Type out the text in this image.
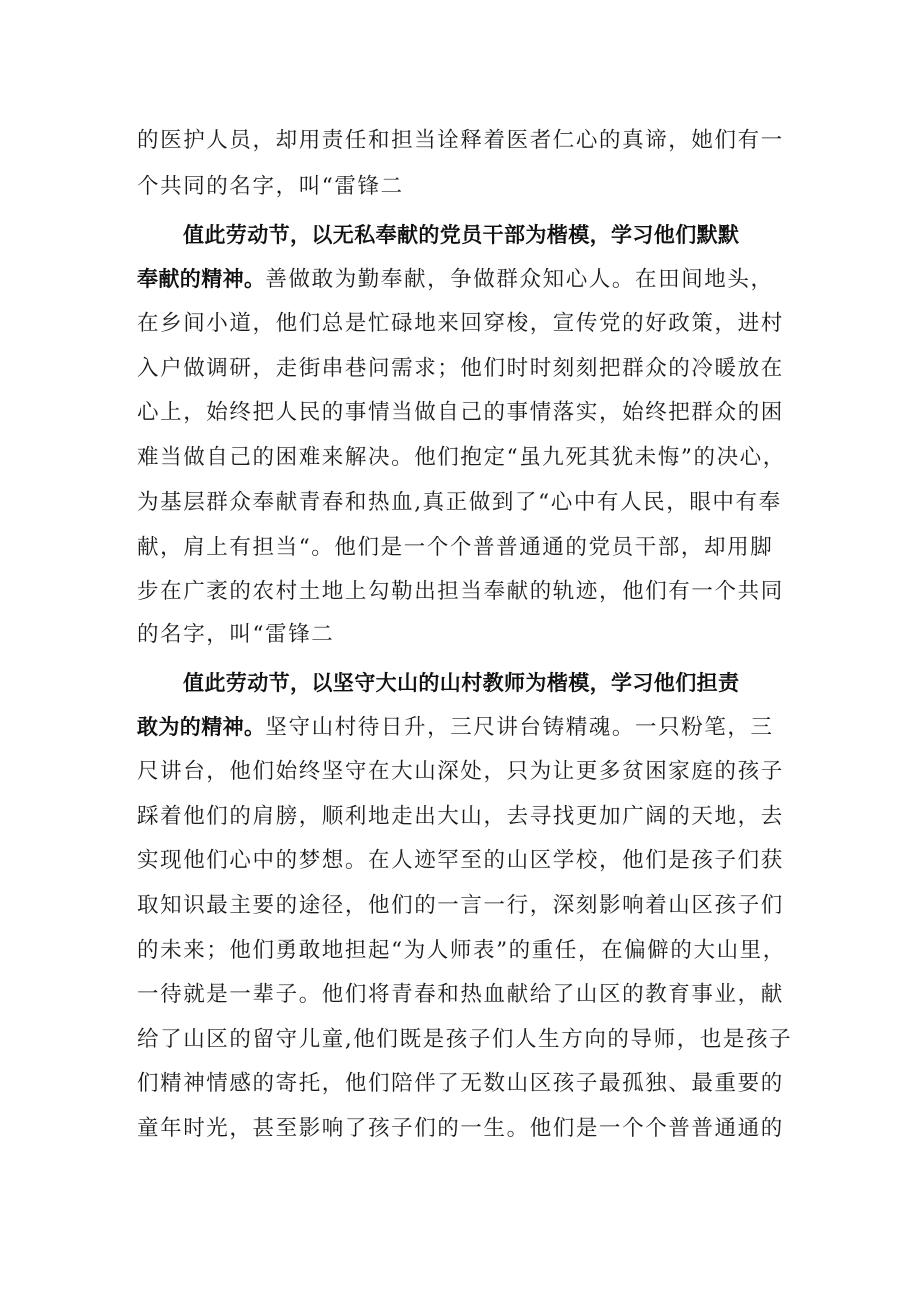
的医护人员，却用责任和担当诠释着医者仁心的真谛，她们有一
个共同的名字，叫“雷锋二
值此劳动节，以无私奉献的党员干部为楷模，学习他们默默
奉献的精神。善做敢为勤奉献，争做群众知心人。在田间地头，
在乡间小道，他们总是忙碌地来回穿梭，宣传党的好政策，进村
入户做调研，走街串巷问需求；他们时时刻刻把群众的冷暖放在
心上，始终把人民的事情当做自己的事情落实，始终把群众的困
难当做自己的困难来解决。他们抱定“虽九死其犹未悔”的决心，
为基层群众奉献青春和热血,真正做到了“心中有人民，眼中有奉
献，肩上有担当“。他们是一个个普普通通的党员干部，却用脚
步在广袤的农村土地上勾勒出担当奉献的轨迹，他们有一个共同
的名字，叫“雷锋二
值此劳动节，以坚守大山的山村教师为楷模，学习他们担责
敢为的精神。坚守山村待日升，三尺讲台铸精魂。一只粉笔，三
尺讲台，他们始终坚守在大山深处，只为让更多贫困家庭的孩子
踩着他们的肩膀，顺利地走出大山，去寻找更加广阔的天地，去
实现他们心中的梦想。在人迹罕至的山区学校，他们是孩子们获
取知识最主要的途径，他们的一言一行，深刻影响着山区孩子们
的未来；他们勇敢地担起“为人师表”的重任，在偏僻的大山里，
一待就是一辈子。他们将青春和热血献给了山区的教育事业，献
给了山区的留守儿童,他们既是孩子们人生方向的导师，也是孩子
们精神情感的寄托，他们陪伴了无数山区孩子最孤独、最重要的
童年时光，甚至影响了孩子们的一生。他们是一个个普普通通的
